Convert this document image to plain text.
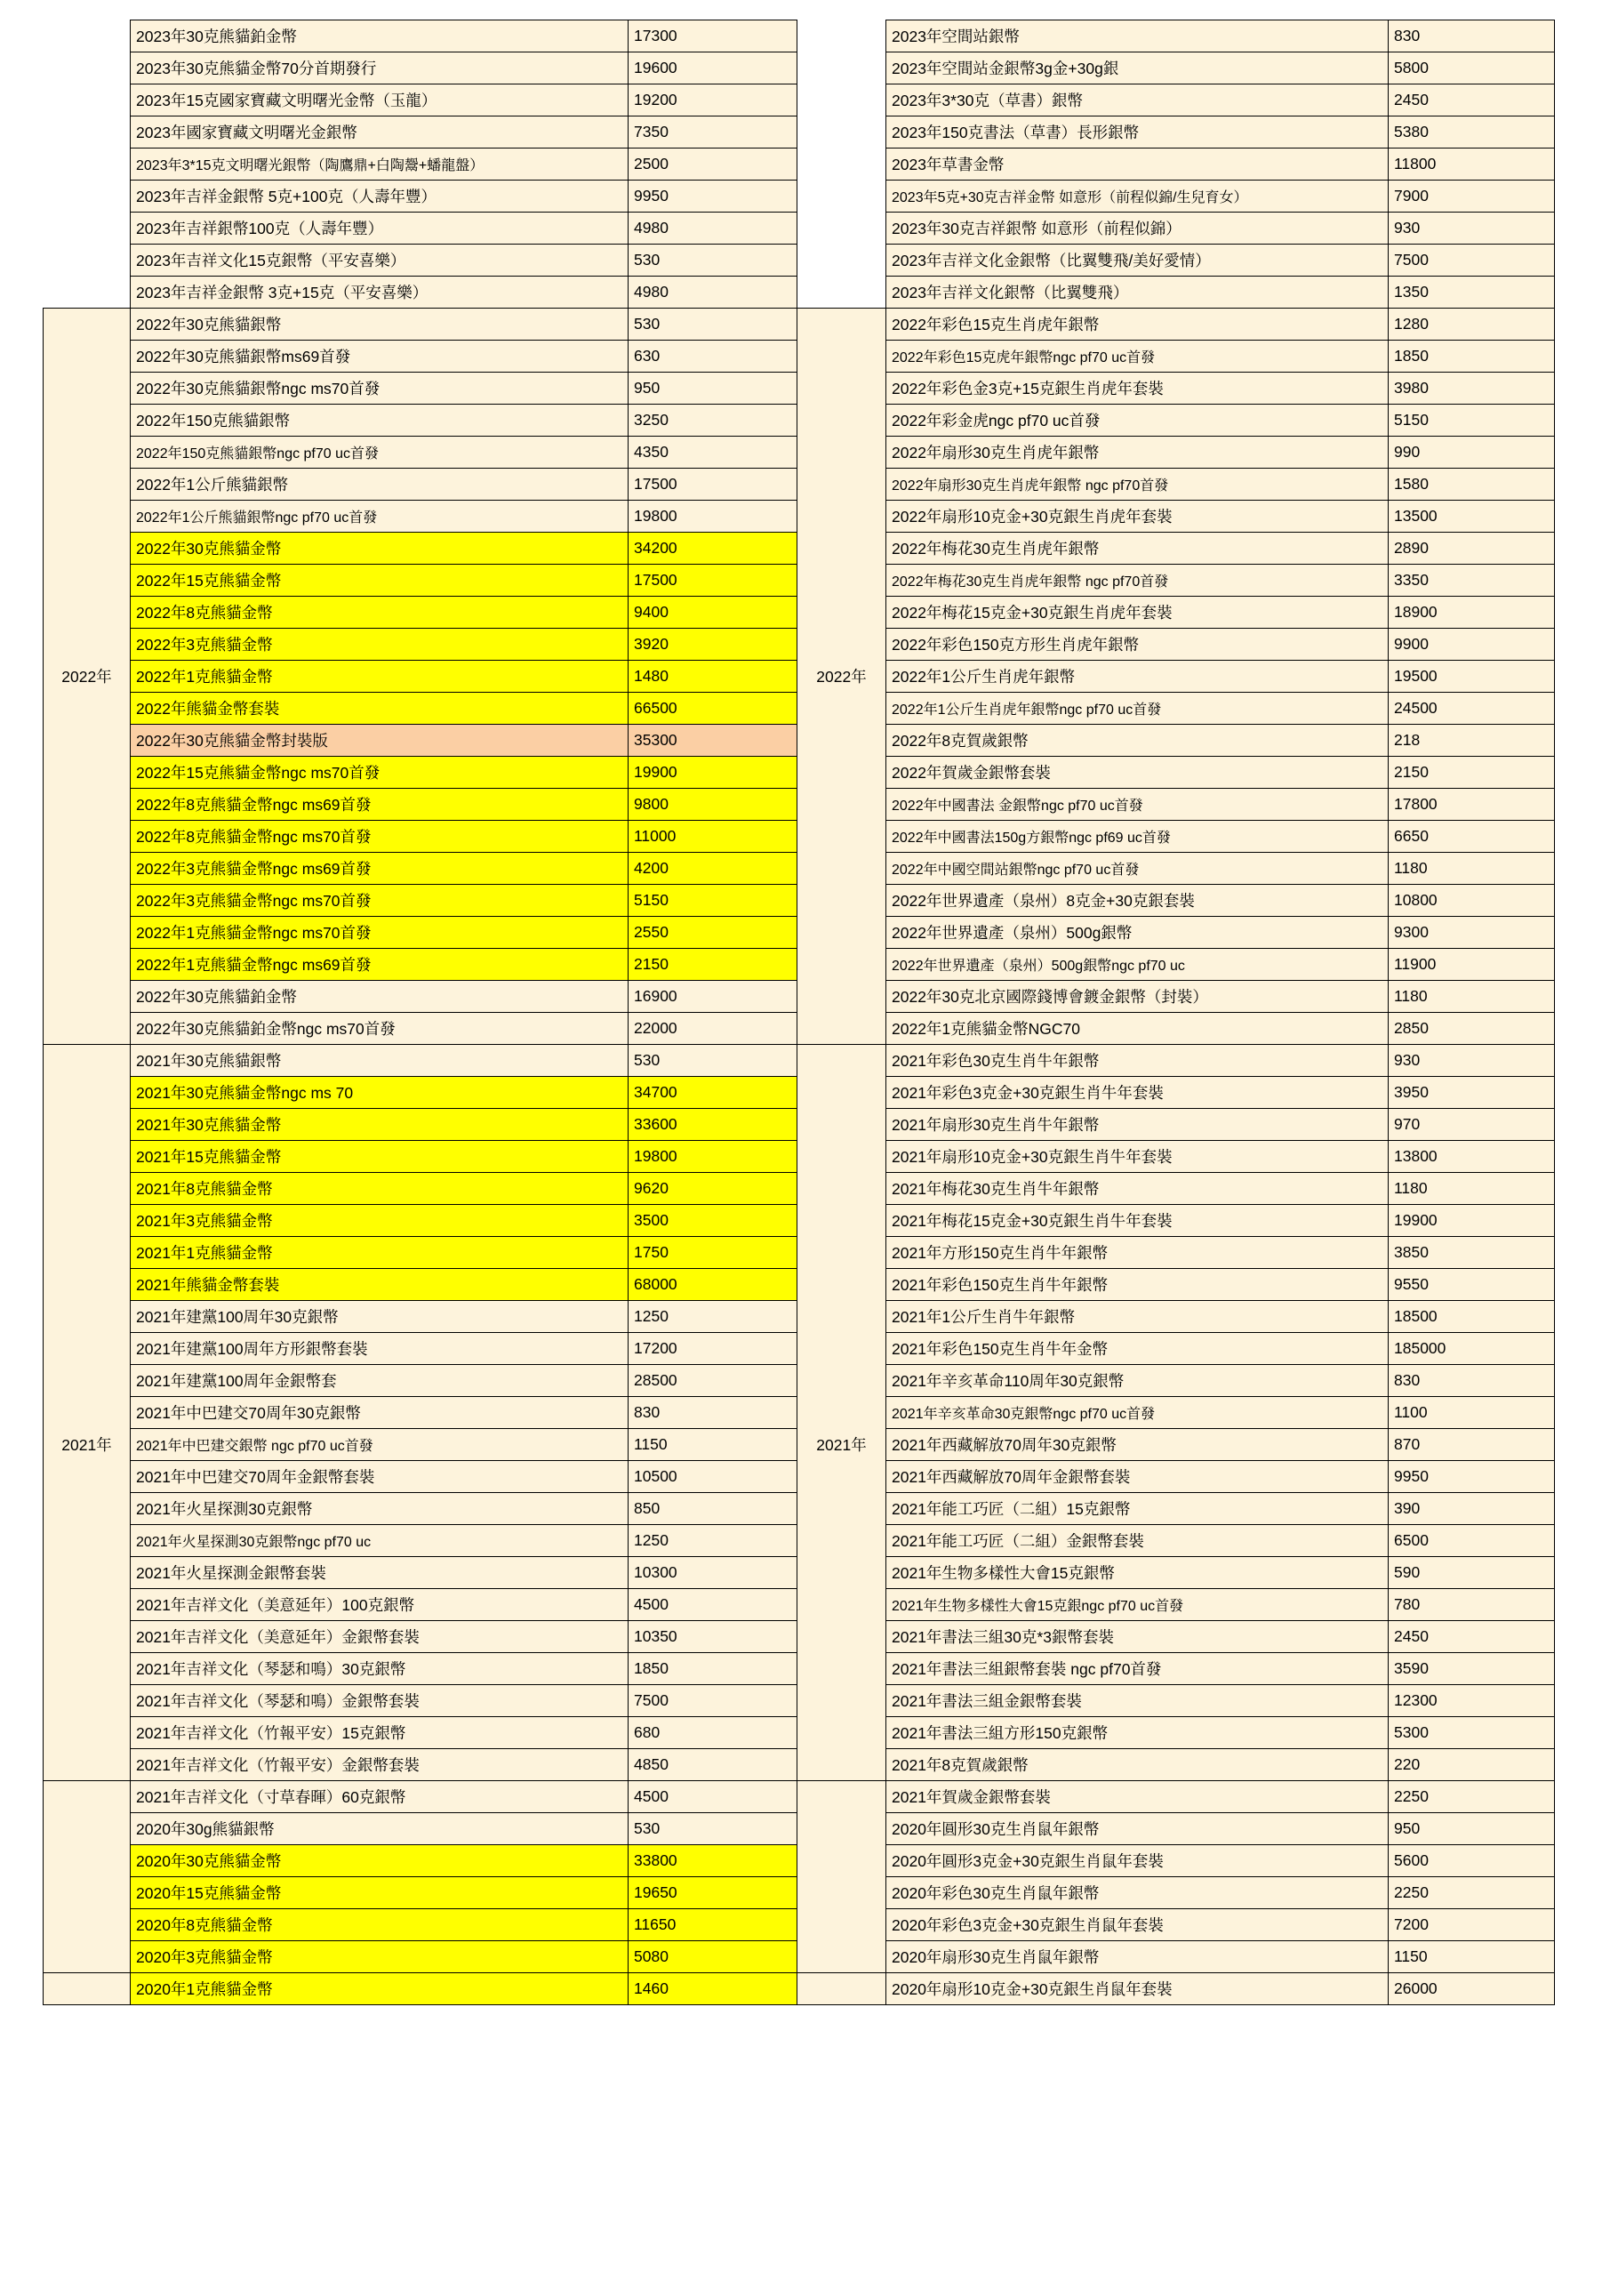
	2023年30克熊貓鉑金幣	17300		2023年空間站銀幣	830
	2023年30克熊貓金幣70分首期發行	19600		2023年空間站金銀幣3g金+30g銀	5800
	2023年15克國家寶藏文明曙光金幣（玉龍）	19200		2023年3*30克（草書）銀幣	2450
	2023年國家寶藏文明曙光金銀幣	7350		2023年150克書法（草書）長形銀幣	5380
	2023年3*15克文明曙光銀幣（陶鷹鼎+白陶鬶+蟠龍盤）	2500		2023年草書金幣	11800
	2023年吉祥金銀幣 5克+100克（人壽年豐）	9950		2023年5克+30克吉祥金幣 如意形（前程似錦/生兒育女）	7900
	2023年吉祥銀幣100克（人壽年豐）	4980		2023年30克吉祥銀幣 如意形（前程似錦）	930
	2023年吉祥文化15克銀幣（平安喜樂）	530		2023年吉祥文化金銀幣（比翼雙飛/美好愛情）	7500
	2023年吉祥金銀幣 3克+15克（平安喜樂）	4980		2023年吉祥文化銀幣（比翼雙飛）	1350
	2022年30克熊貓銀幣	530		2022年彩色15克生肖虎年銀幣	1280
	2022年30克熊貓銀幣ms69首發	630		2022年彩色15克虎年銀幣ngc pf70 uc首發	1850
	2022年30克熊貓銀幣ngc ms70首發	950		2022年彩色金3克+15克銀生肖虎年套裝	3980
	2022年150克熊貓銀幣	3250		2022年彩金虎ngc pf70 uc首發	5150
	2022年150克熊貓銀幣ngc pf70 uc首發	4350		2022年扇形30克生肖虎年銀幣	990
	2022年1公斤熊貓銀幣	17500		2022年扇形30克生肖虎年銀幣 ngc pf70首發	1580
	2022年1公斤熊貓銀幣ngc pf70 uc首發	19800		2022年扇形10克金+30克銀生肖虎年套裝	13500
	2022年30克熊貓金幣	34200		2022年梅花30克生肖虎年銀幣	2890
	2022年15克熊貓金幣	17500		2022年梅花30克生肖虎年銀幣 ngc pf70首發	3350
	2022年8克熊貓金幣	9400		2022年梅花15克金+30克銀生肖虎年套裝	18900
	2022年3克熊貓金幣	3920		2022年彩色150克方形生肖虎年銀幣	9900
2022年	2022年1克熊貓金幣	1480	2022年	2022年1公斤生肖虎年銀幣	19500
	2022年熊貓金幣套裝	66500		2022年1公斤生肖虎年銀幣ngc pf70 uc首發	24500
	2022年30克熊貓金幣封裝版	35300		2022年8克賀歲銀幣	218
	2022年15克熊貓金幣ngc ms70首發	19900		2022年賀歲金銀幣套裝	2150
	2022年8克熊貓金幣ngc ms69首發	9800		2022年中國書法 金銀幣ngc pf70 uc首發	17800
	2022年8克熊貓金幣ngc ms70首發	11000		2022年中國書法150g方銀幣ngc pf69 uc首發	6650
	2022年3克熊貓金幣ngc ms69首發	4200		2022年中國空間站銀幣ngc pf70 uc首發	1180
	2022年3克熊貓金幣ngc ms70首發	5150		2022年世界遺產（泉州）8克金+30克銀套裝	10800
	2022年1克熊貓金幣ngc ms70首發	2550		2022年世界遺產（泉州）500g銀幣	9300
	2022年1克熊貓金幣ngc ms69首發	2150		2022年世界遺產（泉州）500g銀幣ngc pf70 uc	11900
	2022年30克熊貓鉑金幣	16900		2022年30克北京國際錢博會鍍金銀幣（封裝）	1180
	2022年30克熊貓鉑金幣ngc ms70首發	22000		2022年1克熊貓金幣NGC70	2850
	2021年30克熊貓銀幣	530		2021年彩色30克生肖牛年銀幣	930
	2021年30克熊貓金幣ngc ms 70	34700		2021年彩色3克金+30克銀生肖牛年套裝	3950
	2021年30克熊貓金幣	33600		2021年扇形30克生肖牛年銀幣	970
	2021年15克熊貓金幣	19800		2021年扇形10克金+30克銀生肖牛年套裝	13800
	2021年8克熊貓金幣	9620		2021年梅花30克生肖牛年銀幣	1180
	2021年3克熊貓金幣	3500		2021年梅花15克金+30克銀生肖牛年套裝	19900
	2021年1克熊貓金幣	1750		2021年方形150克生肖牛年銀幣	3850
	2021年熊貓金幣套裝	68000		2021年彩色150克生肖牛年銀幣	9550
	2021年建黨100周年30克銀幣	1250		2021年1公斤生肖牛年銀幣	18500
	2021年建黨100周年方形銀幣套裝	17200		2021年彩色150克生肖牛年金幣	185000
	2021年建黨100周年金銀幣套	28500		2021年辛亥革命110周年30克銀幣	830
	2021年中巴建交70周年30克銀幣	830		2021年辛亥革命30克銀幣ngc pf70 uc首發	1100
2021年	2021年中巴建交銀幣 ngc pf70 uc首發	1150	2021年	2021年西藏解放70周年30克銀幣	870
	2021年中巴建交70周年金銀幣套裝	10500		2021年西藏解放70周年金銀幣套裝	9950
	2021年火星探測30克銀幣	850		2021年能工巧匠（二組）15克銀幣	390
	2021年火星探測30克銀幣ngc pf70 uc	1250		2021年能工巧匠（二組）金銀幣套裝	6500
	2021年火星探測金銀幣套裝	10300		2021年生物多樣性大會15克銀幣	590
	2021年吉祥文化（美意延年）100克銀幣	4500		2021年生物多樣性大會15克銀ngc pf70 uc首發	780
	2021年吉祥文化（美意延年）金銀幣套裝	10350		2021年書法三組30克*3銀幣套裝	2450
	2021年吉祥文化（琴瑟和鳴）30克銀幣	1850		2021年書法三組銀幣套裝 ngc pf70首發	3590
	2021年吉祥文化（琴瑟和鳴）金銀幣套裝	7500		2021年書法三組金銀幣套裝	12300
	2021年吉祥文化（竹報平安）15克銀幣	680		2021年書法三組方形150克銀幣	5300
	2021年吉祥文化（竹報平安）金銀幣套裝	4850		2021年8克賀歲銀幣	220
	2021年吉祥文化（寸草春暉）60克銀幣	4500		2021年賀歲金銀幣套裝	2250
	2020年30g熊貓銀幣	530		2020年圓形30克生肖鼠年銀幣	950
	2020年30克熊貓金幣	33800		2020年圓形3克金+30克銀生肖鼠年套裝	5600
	2020年15克熊貓金幣	19650		2020年彩色30克生肖鼠年銀幣	2250
	2020年8克熊貓金幣	11650		2020年彩色3克金+30克銀生肖鼠年套裝	7200
	2020年3克熊貓金幣	5080		2020年扇形30克生肖鼠年銀幣	1150
	2020年1克熊貓金幣	1460		2020年扇形10克金+30克銀生肖鼠年套裝	26000
